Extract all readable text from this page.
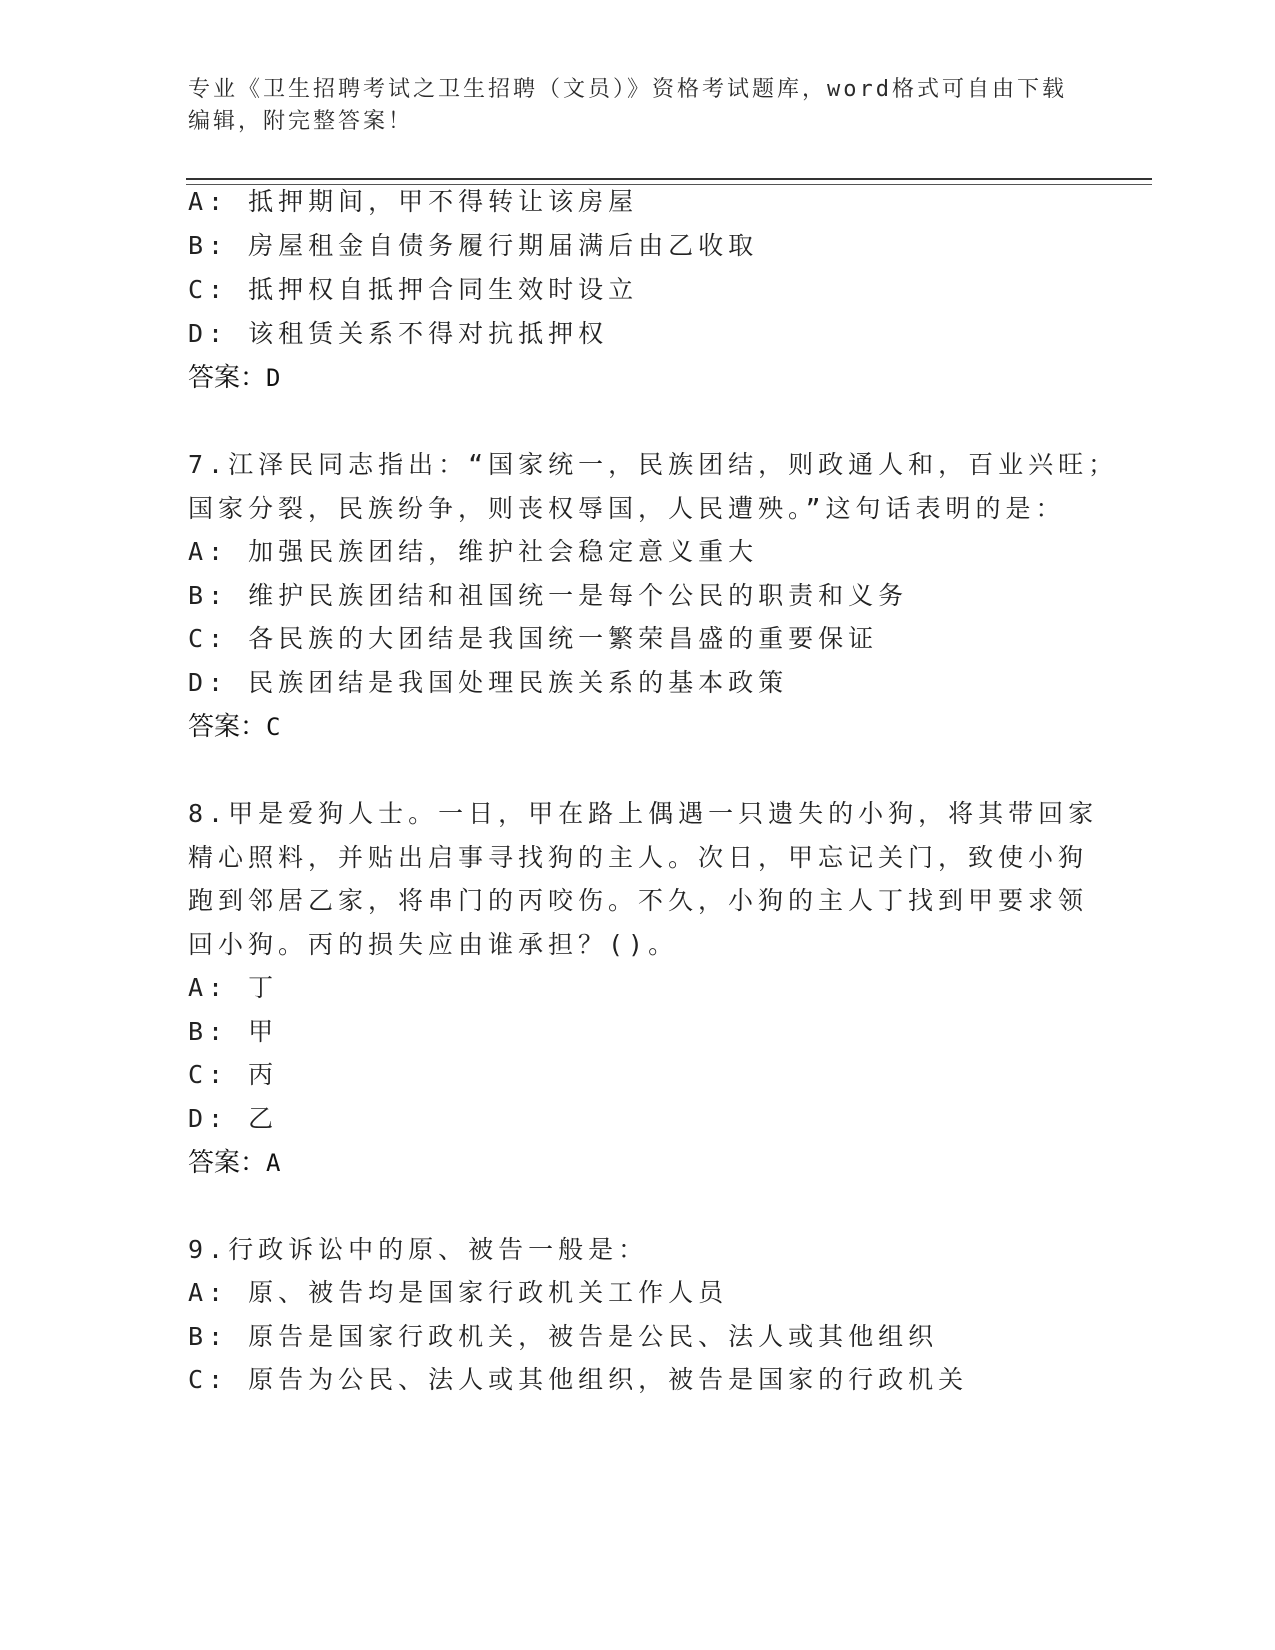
专业《卫生招聘考试之卫生招聘（文员）》资格考试题库，word格式可自由下载
编辑，附完整答案！
A: 抵押期间，甲不得转让该房屋
B: 房屋租金自债务履行期届满后由乙收取
C: 抵押权自抵押合同生效时设立
D: 该租赁关系不得对抗抵押权
答案：D
7.江泽民同志指出：“国家统一，民族团结，则政通人和，百业兴旺；
国家分裂，民族纷争，则丧权辱国，人民遭殃。”这句话表明的是：
A: 加强民族团结，维护社会稳定意义重大
B: 维护民族团结和祖国统一是每个公民的职责和义务
C: 各民族的大团结是我国统一繁荣昌盛的重要保证
D: 民族团结是我国处理民族关系的基本政策
答案：C
8.甲是爱狗人士。一日，甲在路上偶遇一只遗失的小狗，将其带回家
精心照料，并贴出启事寻找狗的主人。次日，甲忘记关门，致使小狗
跑到邻居乙家，将串门的丙咬伤。不久，小狗的主人丁找到甲要求领
回小狗。丙的损失应由谁承担？()。
A: 丁
B: 甲
C: 丙
D: 乙
答案：A
9.行政诉讼中的原、被告一般是：
A: 原、被告均是国家行政机关工作人员
B: 原告是国家行政机关，被告是公民、法人或其他组织
C: 原告为公民、法人或其他组织，被告是国家的行政机关
